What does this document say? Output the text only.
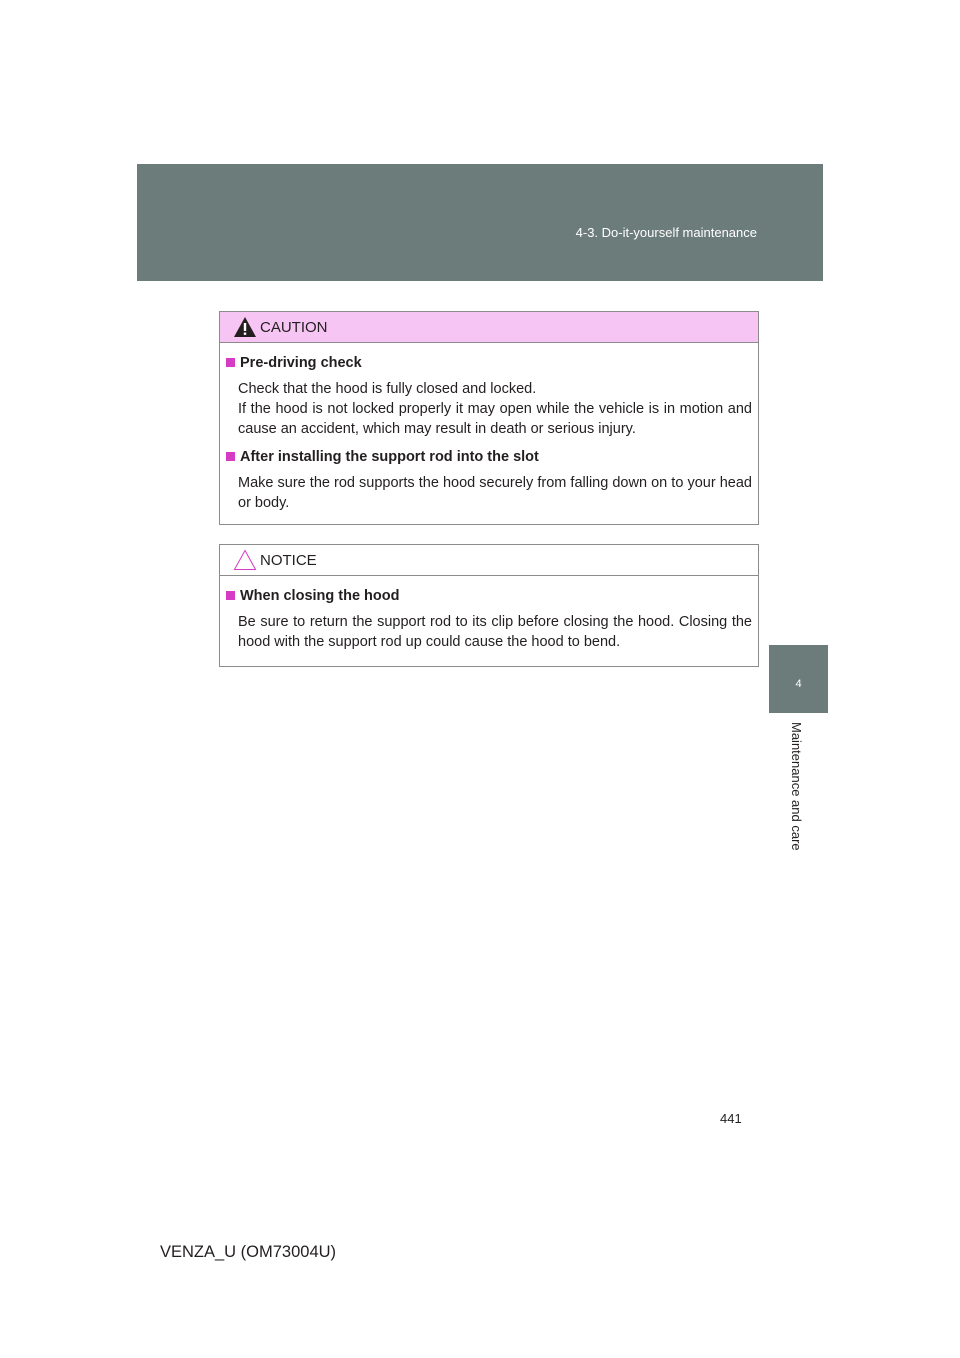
4-3. Do-it-yourself maintenance
4
Maintenance and care
CAUTION
Pre-driving check

Check that the hood is fully closed and locked.

If the hood is not locked properly it may open while the vehicle is in motion and cause an accident, which may result in death or serious injury.

After installing the support rod into the slot

Make sure the rod supports the hood securely from falling down on to your head or body.

NOTICE
When closing the hood

Be sure to return the support rod to its clip before closing the hood. Closing the hood with the support rod up could cause the hood to bend.

441
VENZA_U (OM73004U)
